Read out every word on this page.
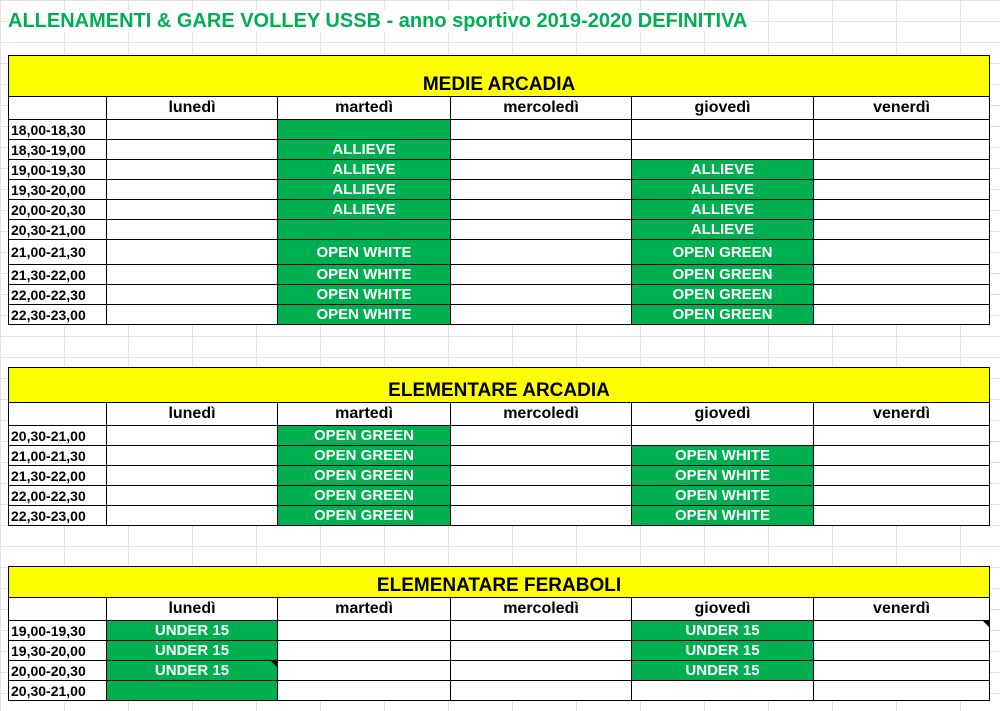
ALLENAMENTI & GARE VOLLEY USSB - anno sportivo 2019-2020 DEFINITIVA
MEDIE ARCADIA					
	lunedì	martedì	mercoledì	giovedì	venerdì
18,00-18,30					
18,30-19,00		ALLIEVE			
19,00-19,30		ALLIEVE		ALLIEVE	
19,30-20,00		ALLIEVE		ALLIEVE	
20,00-20,30		ALLIEVE		ALLIEVE	
20,30-21,00				ALLIEVE	
21,00-21,30		OPEN WHITE		OPEN GREEN	
21,30-22,00		OPEN WHITE		OPEN GREEN	
22,00-22,30		OPEN WHITE		OPEN GREEN	
22,30-23,00		OPEN WHITE		OPEN GREEN	
ELEMENTARE ARCADIA					
	lunedì	martedì	mercoledì	giovedì	venerdì
20,30-21,00		OPEN GREEN			
21,00-21,30		OPEN GREEN		OPEN WHITE	
21,30-22,00		OPEN GREEN		OPEN WHITE	
22,00-22,30		OPEN GREEN		OPEN WHITE	
22,30-23,00		OPEN GREEN		OPEN WHITE	
ELEMENATARE FERABOLI					
	lunedì	martedì	mercoledì	giovedì	venerdì
19,00-19,30	UNDER 15			UNDER 15	
19,30-20,00	UNDER 15			UNDER 15	
20,00-20,30	UNDER 15			UNDER 15	
20,30-21,00					
